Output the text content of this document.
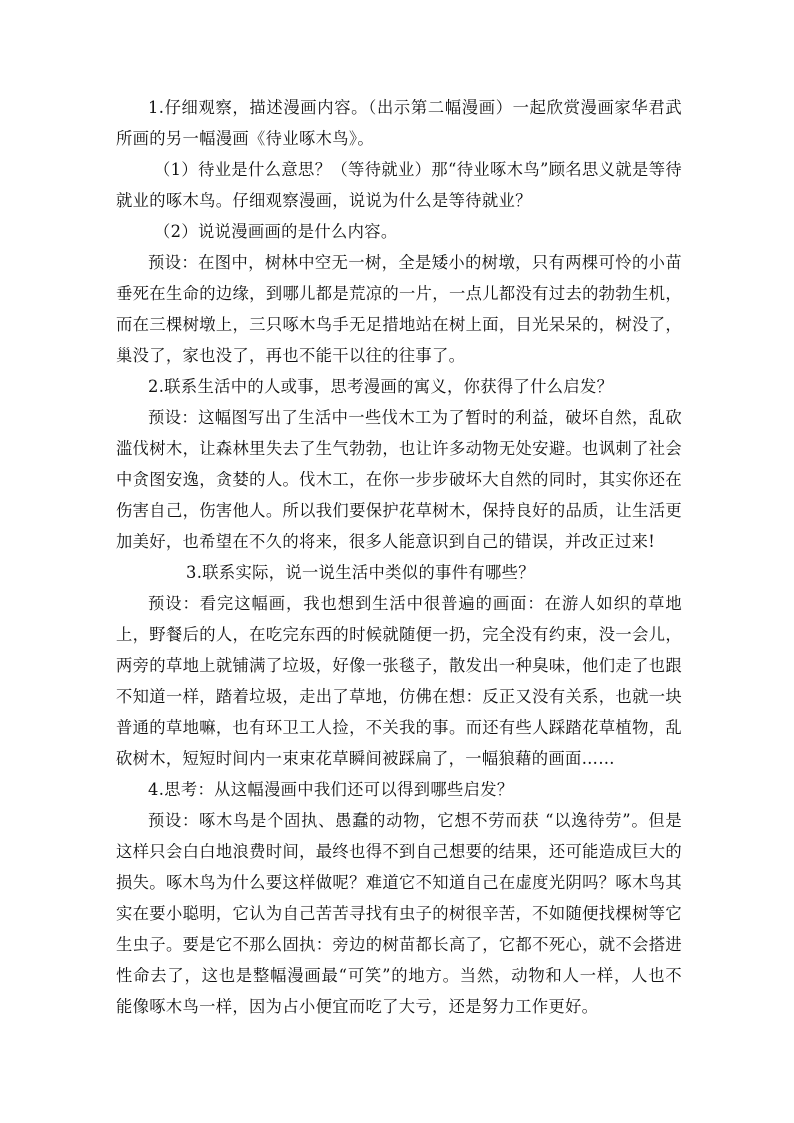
1.仔细观察，描述漫画内容。（出示第二幅漫画）一起欣赏漫画家华君武所画的另一幅漫画《待业啄木鸟》。

（1）待业是什么意思？（等待就业）那“待业啄木鸟”顾名思义就是等待就业的啄木鸟。仔细观察漫画，说说为什么是等待就业？

（2）说说漫画画的是什么内容。

预设：在图中，树林中空无一树，全是矮小的树墩，只有两棵可怜的小苗垂死在生命的边缘，到哪儿都是荒凉的一片，一点儿都没有过去的勃勃生机，而在三棵树墩上，三只啄木鸟手无足措地站在树上面，目光呆呆的，树没了，巢没了，家也没了，再也不能干以往的往事了。

2.联系生活中的人或事，思考漫画的寓义，你获得了什么启发？

预设：这幅图写出了生活中一些伐木工为了暂时的利益，破坏自然，乱砍滥伐树木，让森林里失去了生气勃勃，也让许多动物无处安避。也讽刺了社会中贪图安逸，贪婪的人。伐木工，在你一步步破坏大自然的同时，其实你还在伤害自己，伤害他人。所以我们要保护花草树木，保持良好的品质，让生活更加美好，也希望在不久的将来，很多人能意识到自己的错误，并改正过来!

3.联系实际，说一说生活中类似的事件有哪些？

预设：看完这幅画，我也想到生活中很普遍的画面：在游人如织的草地上，野餐后的人，在吃完东西的时候就随便一扔，完全没有约束，没一会儿，两旁的草地上就铺满了垃圾，好像一张毯子，散发出一种臭味，他们走了也跟不知道一样，踏着垃圾，走出了草地，仿佛在想：反正又没有关系，也就一块普通的草地嘛，也有环卫工人捡，不关我的事。而还有些人踩踏花草植物，乱砍树木，短短时间内一束束花草瞬间被踩扁了，一幅狼藉的画面……

4.思考：从这幅漫画中我们还可以得到哪些启发？

预设：啄木鸟是个固执、愚蠢的动物，它想不劳而获 “以逸待劳”。但是这样只会白白地浪费时间，最终也得不到自己想要的结果，还可能造成巨大的损失。啄木鸟为什么要这样做呢？难道它不知道自己在虚度光阴吗？啄木鸟其实在要小聪明，它认为自己苦苦寻找有虫子的树很辛苦，不如随便找棵树等它生虫子。要是它不那么固执：旁边的树苗都长高了，它都不死心，就不会搭进性命去了，这也是整幅漫画最“可笑”的地方。当然，动物和人一样，人也不能像啄木鸟一样，因为占小便宜而吃了大亏，还是努力工作更好。
